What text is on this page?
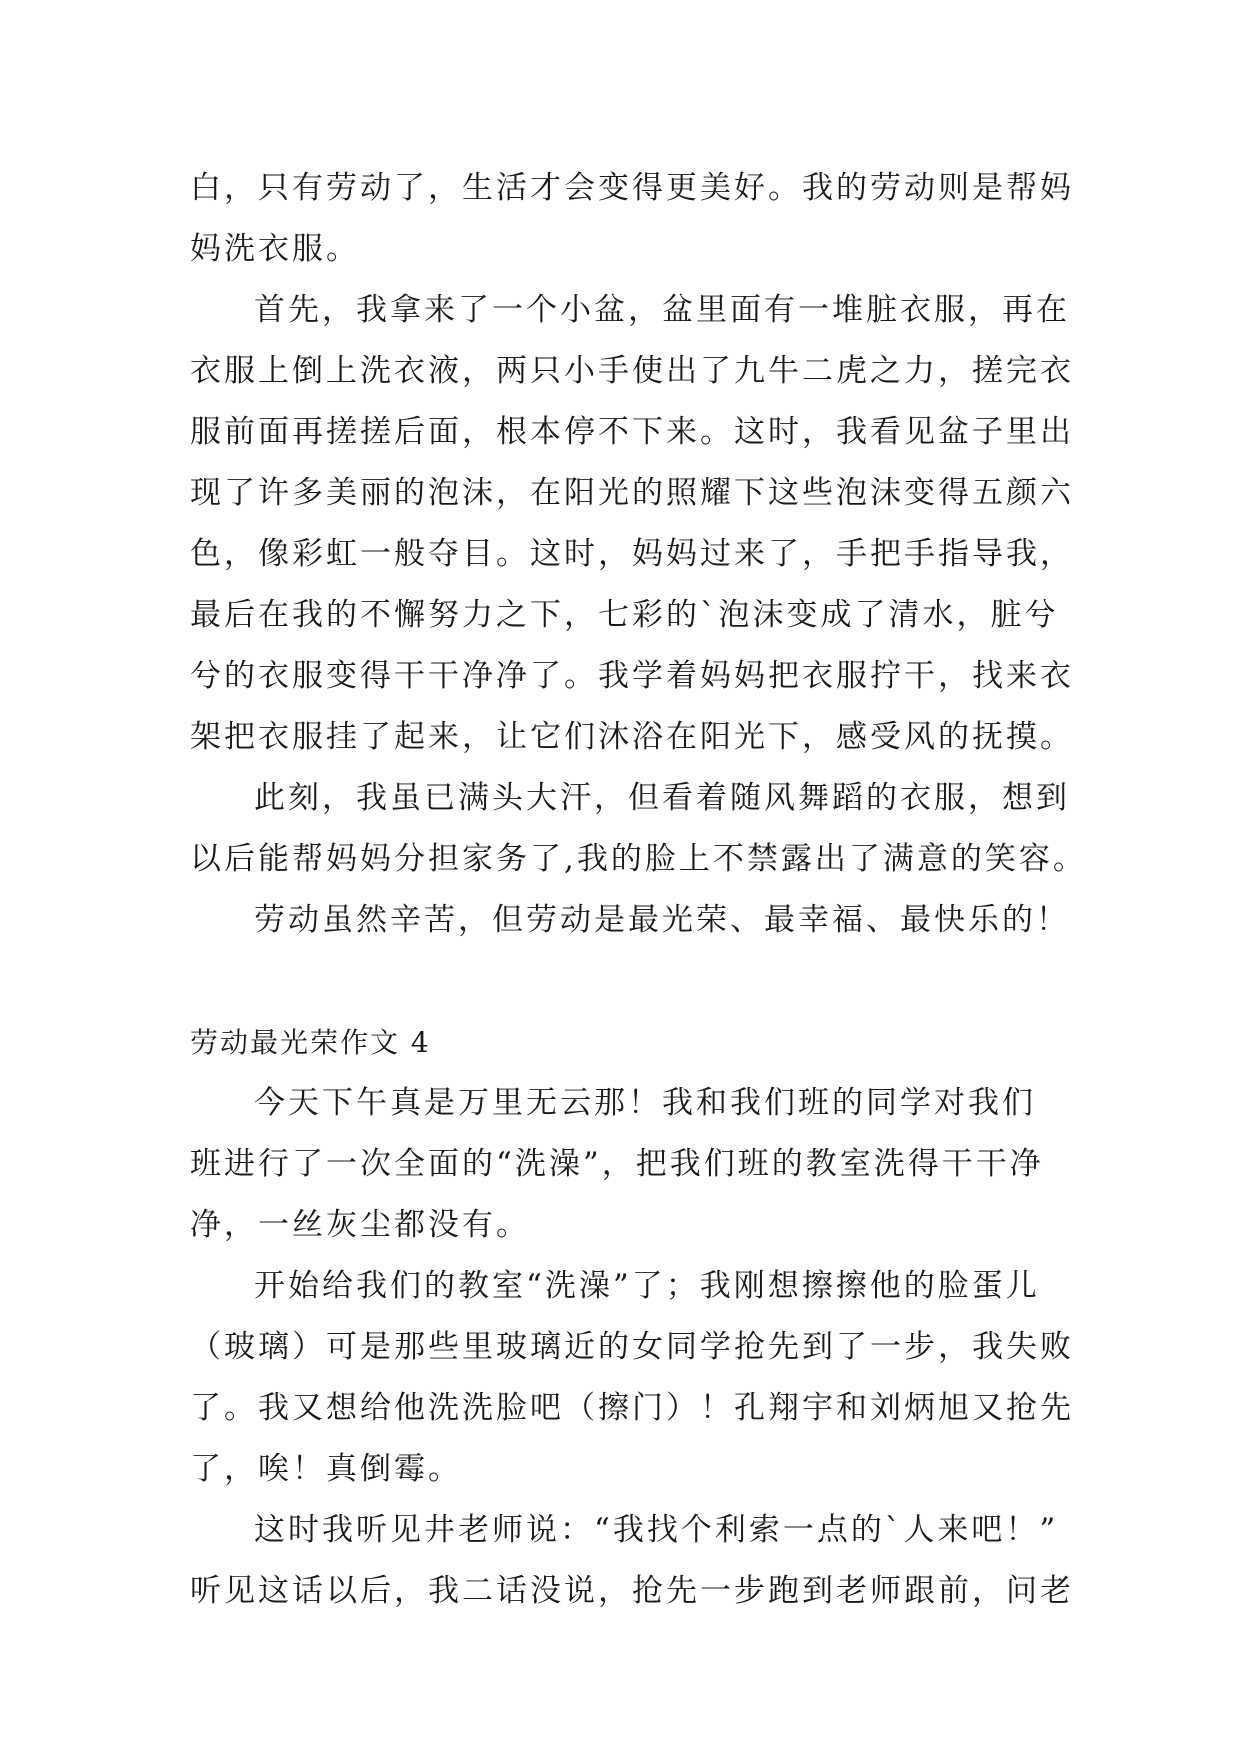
白，只有劳动了，生活才会变得更美好。我的劳动则是帮妈
妈洗衣服。
首先，我拿来了一个小盆，盆里面有一堆脏衣服，再在
衣服上倒上洗衣液，两只小手使出了九牛二虎之力，搓完衣
服前面再搓搓后面，根本停不下来。这时，我看见盆子里出
现了许多美丽的泡沫，在阳光的照耀下这些泡沫变得五颜六
色，像彩虹一般夺目。这时，妈妈过来了，手把手指导我，
最后在我的不懈努力之下，七彩的`泡沫变成了清水，脏兮
兮的衣服变得干干净净了。我学着妈妈把衣服拧干，找来衣
架把衣服挂了起来，让它们沐浴在阳光下，感受风的抚摸。
此刻，我虽已满头大汗，但看着随风舞蹈的衣服，想到
以后能帮妈妈分担家务了,我的脸上不禁露出了满意的笑容。
劳动虽然辛苦，但劳动是最光荣、最幸福、最快乐的！
劳动最光荣作文 4
今天下午真是万里无云那！我和我们班的同学对我们
班进行了一次全面的“洗澡”，把我们班的教室洗得干干净
净，一丝灰尘都没有。
开始给我们的教室“洗澡”了；我刚想擦擦他的脸蛋儿
（玻璃）可是那些里玻璃近的女同学抢先到了一步，我失败
了。我又想给他洗洗脸吧（擦门）！孔翔宇和刘炳旭又抢先
了，唉！真倒霉。
这时我听见井老师说：“我找个利索一点的`人来吧！”
听见这话以后，我二话没说，抢先一步跑到老师跟前，问老
